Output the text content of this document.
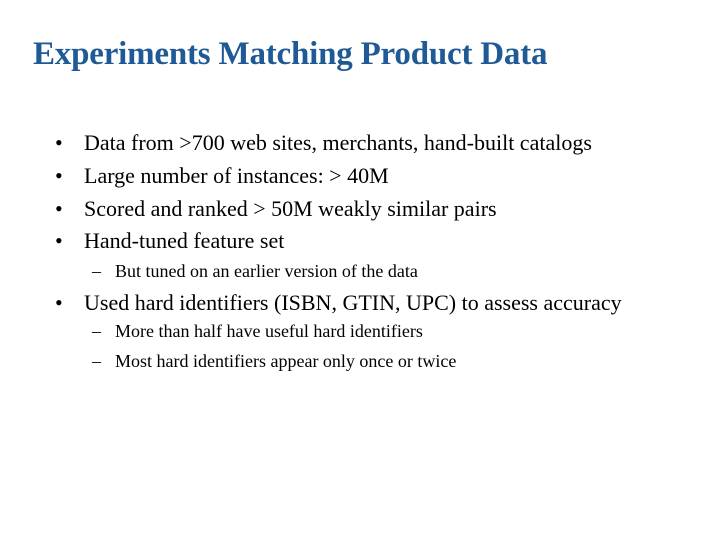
Experiments Matching Product Data
• Data from >700 web sites, merchants, hand-built catalogs
• Large number of instances: > 40M
• Scored and ranked > 50M weakly similar pairs
• Hand-tuned feature set
– But tuned on an earlier version of the data
• Used hard identifiers (ISBN, GTIN, UPC) to assess accuracy
– More than half have useful hard identifiers
– Most hard identifiers appear only once or twice
